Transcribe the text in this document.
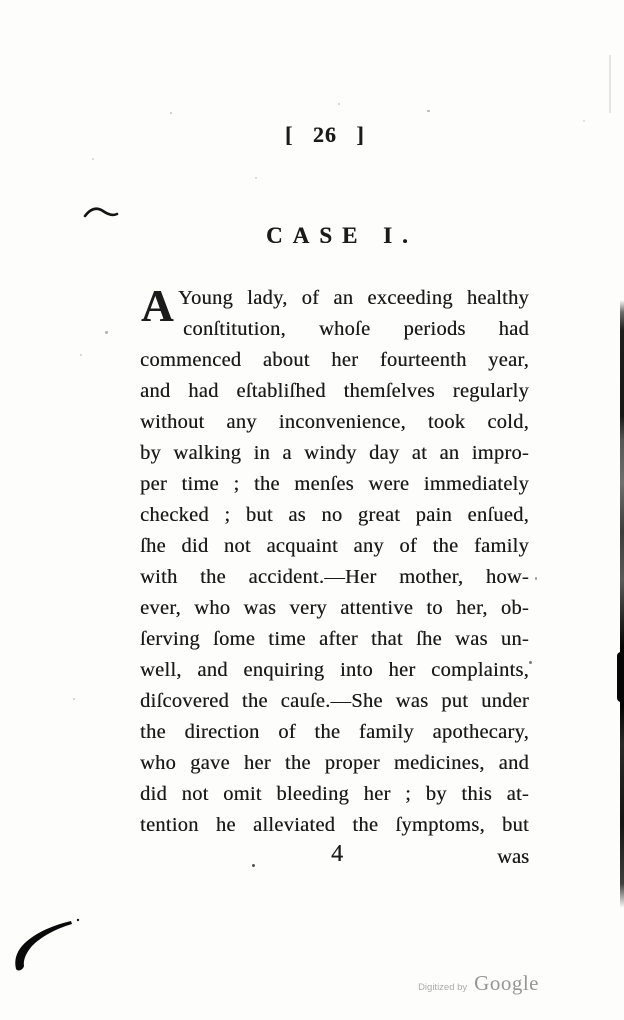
[ 26 ]
CASE I.
A Young lady, of an exceeding healthy
conſtitution, whoſe periods had
commenced about her fourteenth year,
and had eſtabliſhed themſelves regularly
without any inconvenience, took cold,
by walking in a windy day at an impro-
per time ; the menſes were immediately
checked ; but as no great pain enſued,
ſhe did not acquaint any of the family
with the accident.—Her mother, how-
ever, who was very attentive to her, ob-
ſerving ſome time after that ſhe was un-
well, and enquiring into her complaints,
diſcovered the cauſe.—She was put under
the direction of the family apothecary,
who gave her the proper medicines, and
did not omit bleeding her ; by this at-
tention he alleviated the ſymptoms, but
4	was
Digitized by Google
